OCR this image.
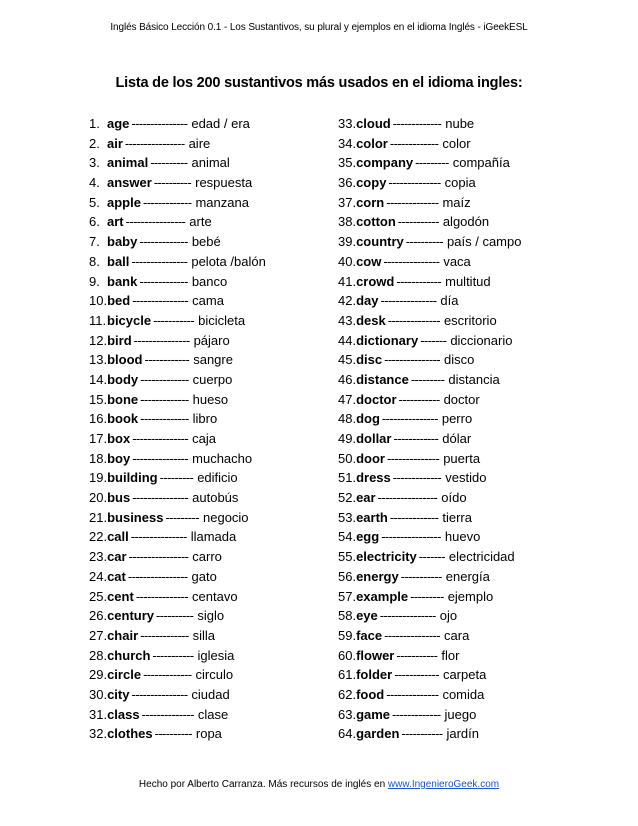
Inglés Básico Lección 0.1 - Los Sustantivos, su plural y ejemplos en el idioma Inglés - iGeekESL
Lista de los 200 sustantivos más usados en el idioma ingles:
1. age --------------- edad / era
2. air ---------------- aire
3. animal ---------- animal
4. answer ---------- respuesta
5. apple ------------- manzana
6. art ---------------- arte
7. baby ------------- bebé
8. ball --------------- pelota /balón
9. bank ------------- banco
10. bed --------------- cama
11. bicycle ----------- bicicleta
12. bird --------------- pájaro
13. blood ------------ sangre
14. body ------------- cuerpo
15. bone ------------- hueso
16. book ------------- libro
17. box --------------- caja
18. boy --------------- muchacho
19. building --------- edificio
20. bus --------------- autobús
21. business --------- negocio
22. call --------------- llamada
23. car ---------------- carro
24. cat ---------------- gato
25. cent -------------- centavo
26. century ---------- siglo
27. chair ------------- silla
28. church ----------- iglesia
29. circle ------------- circulo
30. city --------------- ciudad
31. class -------------- clase
32. clothes ---------- ropa
33. cloud ------------- nube
34. color ------------- color
35. company --------- compañía
36. copy -------------- copia
37. corn -------------- maíz
38. cotton ----------- algodón
39. country ---------- país / campo
40. cow --------------- vaca
41. crowd ------------ multitud
42. day --------------- día
43. desk -------------- escritorio
44. dictionary ------- diccionario
45. disc --------------- disco
46. distance --------- distancia
47. doctor ----------- doctor
48. dog --------------- perro
49. dollar ------------ dólar
50. door -------------- puerta
51. dress ------------- vestido
52. ear ---------------- oído
53. earth ------------- tierra
54. egg ---------------- huevo
55. electricity ------- electricidad
56. energy ----------- energía
57. example --------- ejemplo
58. eye --------------- ojo
59. face --------------- cara
60. flower ----------- flor
61. folder ------------ carpeta
62. food -------------- comida
63. game ------------- juego
64. garden ----------- jardín
Hecho por Alberto Carranza. Más recursos de inglés en www.IngenieroGeek.com
